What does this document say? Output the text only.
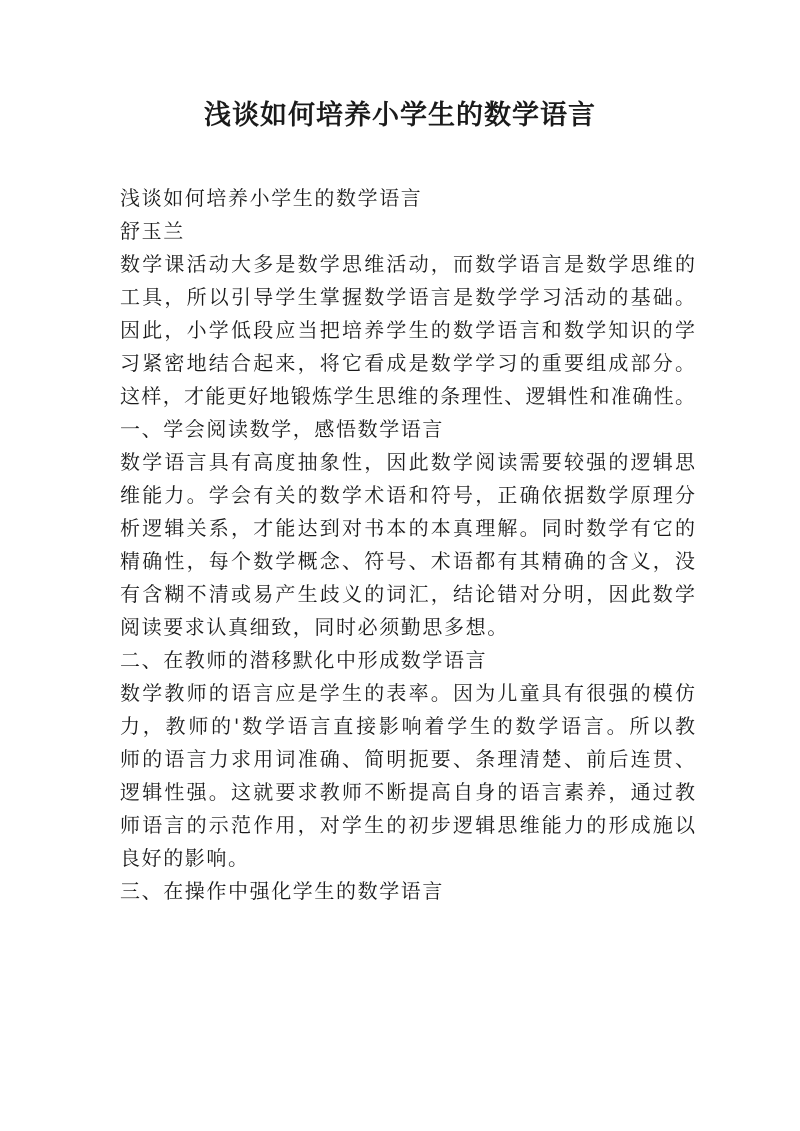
浅谈如何培养小学生的数学语言
浅谈如何培养小学生的数学语言
舒玉兰
数学课活动大多是数学思维活动，而数学语言是数学思维的
工具，所以引导学生掌握数学语言是数学学习活动的基础。
因此，小学低段应当把培养学生的数学语言和数学知识的学
习紧密地结合起来，将它看成是数学学习的重要组成部分。
这样，才能更好地锻炼学生思维的条理性、逻辑性和准确性。
一、学会阅读数学，感悟数学语言
数学语言具有高度抽象性，因此数学阅读需要较强的逻辑思
维能力。学会有关的数学术语和符号，正确依据数学原理分
析逻辑关系，才能达到对书本的本真理解。同时数学有它的
精确性，每个数学概念、符号、术语都有其精确的含义，没
有含糊不清或易产生歧义的词汇，结论错对分明，因此数学
阅读要求认真细致，同时必须勤思多想。
二、在教师的潜移默化中形成数学语言
数学教师的语言应是学生的表率。因为儿童具有很强的模仿
力，教师的'数学语言直接影响着学生的数学语言。所以教
师的语言力求用词准确、简明扼要、条理清楚、前后连贯、
逻辑性强。这就要求教师不断提高自身的语言素养，通过教
师语言的示范作用，对学生的初步逻辑思维能力的形成施以
良好的影响。
三、在操作中强化学生的数学语言
